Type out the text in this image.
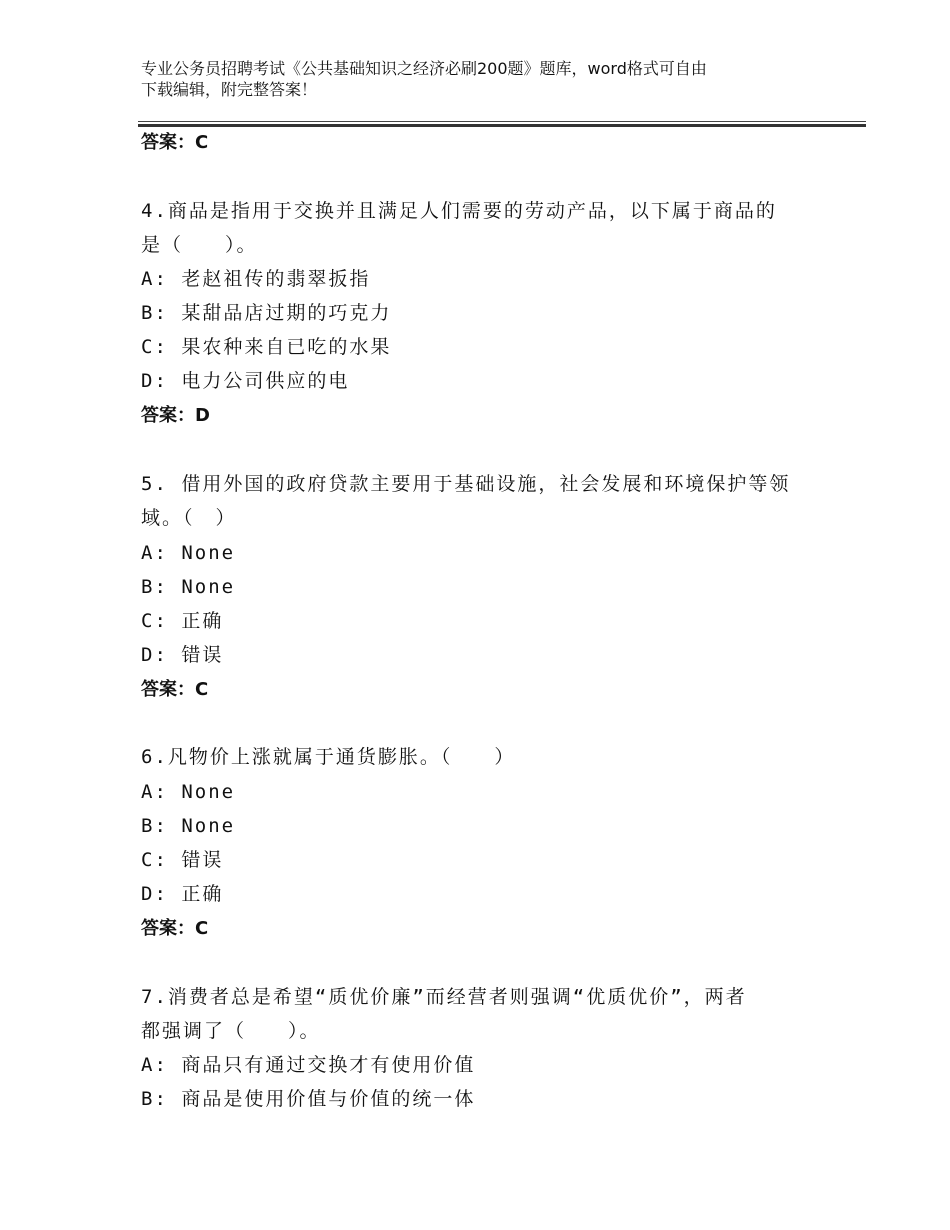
专业公务员招聘考试《公共基础知识之经济必刷200题》题库，word格式可自由
下载编辑，附完整答案！
答案：C
4.商品是指用于交换并且满足人们需要的劳动产品，以下属于商品的
是（　　）。
A: 老赵祖传的翡翠扳指
B: 某甜品店过期的巧克力
C: 果农种来自已吃的水果
D: 电力公司供应的电
答案：D
5. 借用外国的政府贷款主要用于基础设施，社会发展和环境保护等领
域。（　）
A: None
B: None
C: 正确
D: 错误
答案：C
6.凡物价上涨就属于通货膨胀。（　　）
A: None
B: None
C: 错误
D: 正确
答案：C
7.消费者总是希望“质优价廉”而经营者则强调“优质优价”，两者
都强调了（　　）。
A: 商品只有通过交换才有使用价值
B: 商品是使用价值与价值的统一体
